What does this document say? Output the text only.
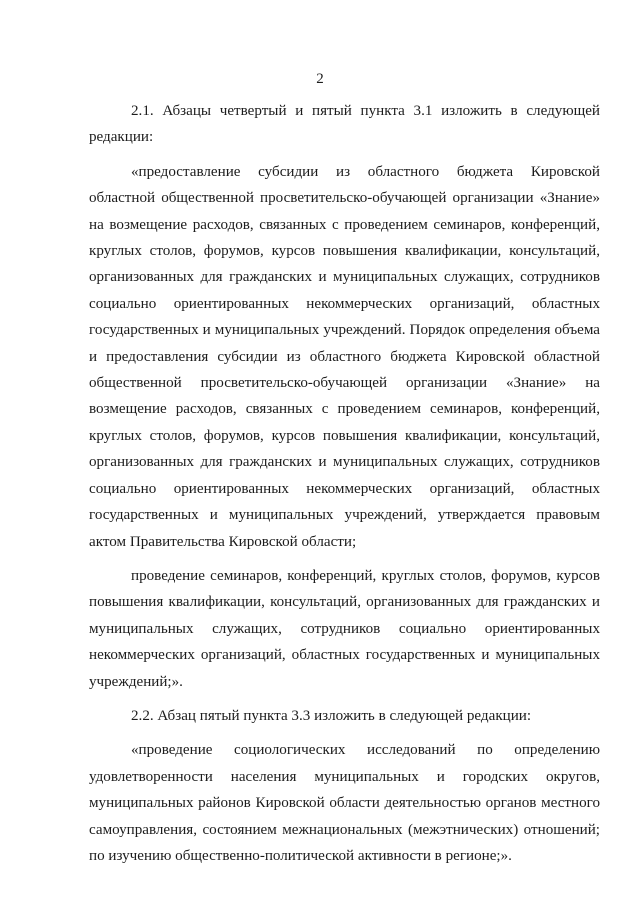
2

2.1. Абзацы четвертый и пятый пункта 3.1 изложить в следующей редакции:

«предоставление субсидии из областного бюджета Кировской областной общественной просветительско-обучающей организации «Знание» на возмещение расходов, связанных с проведением семинаров, конференций, круглых столов, форумов, курсов повышения квалификации, консультаций, организованных для гражданских и муниципальных служащих, сотрудников социально ориентированных некоммерческих организаций, областных государственных и муниципальных учреждений. Порядок определения объема и предоставления субсидии из областного бюджета Кировской областной общественной просветительско-обучающей организации «Знание» на возмещение расходов, связанных с проведением семинаров, конференций, круглых столов, форумов, курсов повышения квалификации, консультаций, организованных для гражданских и муниципальных служащих, сотрудников социально ориентированных некоммерческих организаций, областных государственных и муниципальных учреждений, утверждается правовым актом Правительства Кировской области;

проведение семинаров, конференций, круглых столов, форумов, курсов повышения квалификации, консультаций, организованных для гражданских и муниципальных служащих, сотрудников социально ориентированных некоммерческих организаций, областных государственных и муниципальных учреждений;».

2.2. Абзац пятый пункта 3.3 изложить в следующей редакции:

«проведение социологических исследований по определению удовлетворенности населения муниципальных и городских округов, муниципальных районов Кировской области деятельностью органов местного самоуправления, состоянием межнациональных (межэтнических) отношений; по изучению общественно-политической активности в регионе;».
